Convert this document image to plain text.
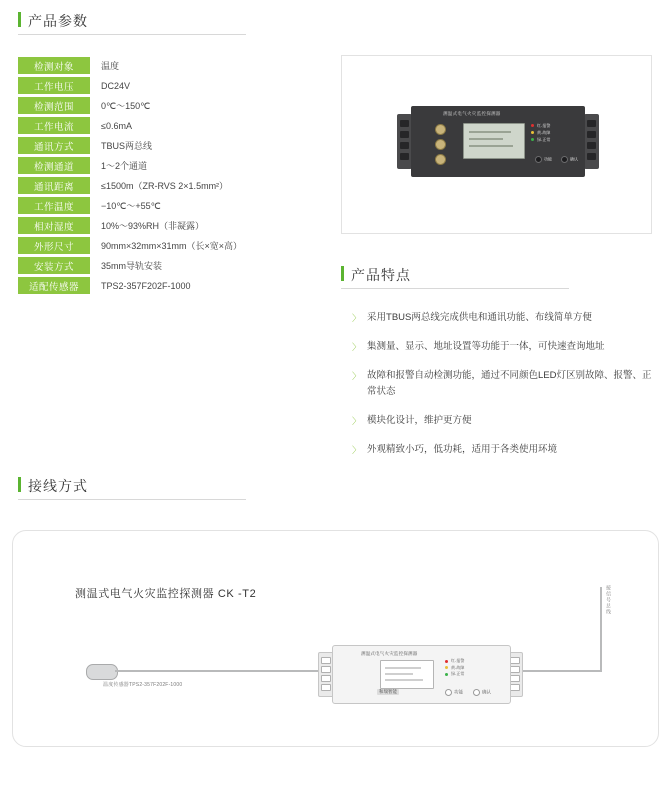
产品参数
检测对象	温度
工作电压	DC24V
检测范围	0℃～150℃
工作电流	≤0.6mA
通讯方式	TBUS两总线
检测通道	1～2个通道
通讯距离	≤1500m（ZR-RVS 2×1.5mm²）
工作温度	−10℃～+55℃
相对湿度	10%～93%RH（非凝露）
外形尺寸	90mm×32mm×31mm（长×宽×高）
安装方式	35mm导轨安装
适配传感器	TPS2-357F202F-1000
测温式电气火灾监控探测器
红-报警
黄-故障
绿-正常
功能	确认
产品特点
〉 采用TBUS两总线完成供电和通讯功能、布线简单方便
〉 集测量、显示、地址设置等功能于一体，可快速查询地址
〉 故障和报警自动检测功能，通过不同颜色LED灯区别故障、报警、正常状态
〉 模块化设计，维护更方便
〉 外观精致小巧，低功耗，适用于各类使用环境
接线方式
测温式电气火灾监控探测器 CK -T2
温度传感器TPS2-357F202F-1000
接信号总线
测温式电气火灾监控探测器
红-报警
黄-故障
绿-正常
和瑞智能	功能	确认
